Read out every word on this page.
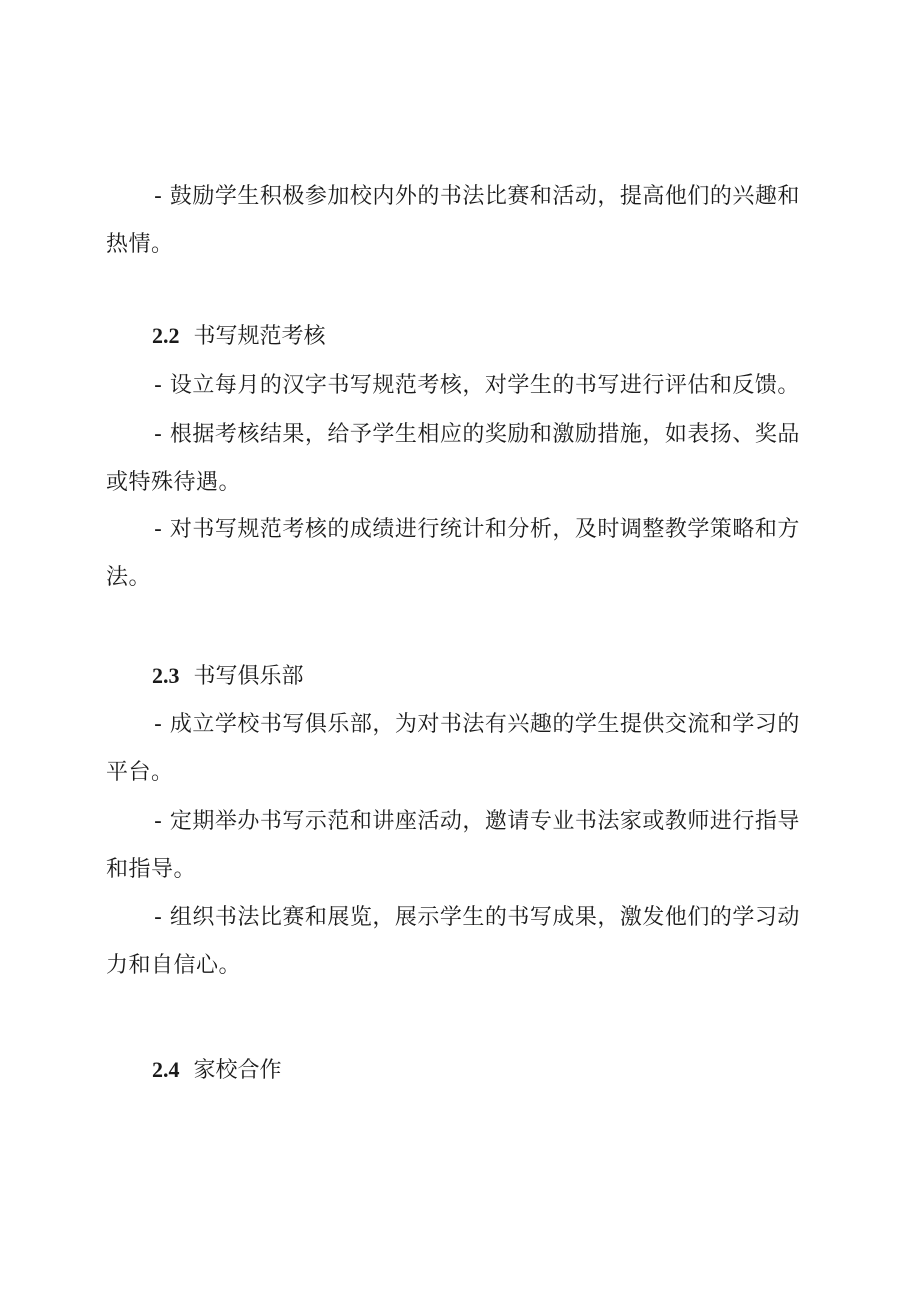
- 鼓励学生积极参加校内外的书法比赛和活动，提高他们的兴趣和热情。

2.2 书写规范考核

- 设立每月的汉字书写规范考核，对学生的书写进行评估和反馈。

- 根据考核结果，给予学生相应的奖励和激励措施，如表扬、奖品或特殊待遇。

- 对书写规范考核的成绩进行统计和分析，及时调整教学策略和方法。

2.3 书写俱乐部

- 成立学校书写俱乐部，为对书法有兴趣的学生提供交流和学习的平台。

- 定期举办书写示范和讲座活动，邀请专业书法家或教师进行指导和指导。

- 组织书法比赛和展览，展示学生的书写成果，激发他们的学习动力和自信心。

2.4 家校合作
